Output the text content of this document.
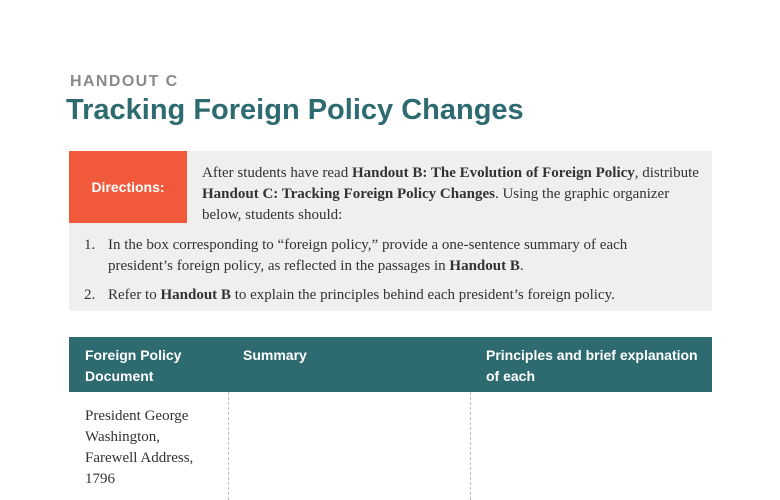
HANDOUT C
Tracking Foreign Policy Changes
Directions:
After students have read Handout B: The Evolution of Foreign Policy, distribute Handout C: Tracking Foreign Policy Changes. Using the graphic organizer below, students should:
1. In the box corresponding to “foreign policy,” provide a one-sentence summary of each president’s foreign policy, as reflected in the passages in Handout B.
2. Refer to Handout B to explain the principles behind each president’s foreign policy.
Foreign Policy Document
Summary	Principles and brief explanation of each
President George Washington, Farewell Address, 1796
